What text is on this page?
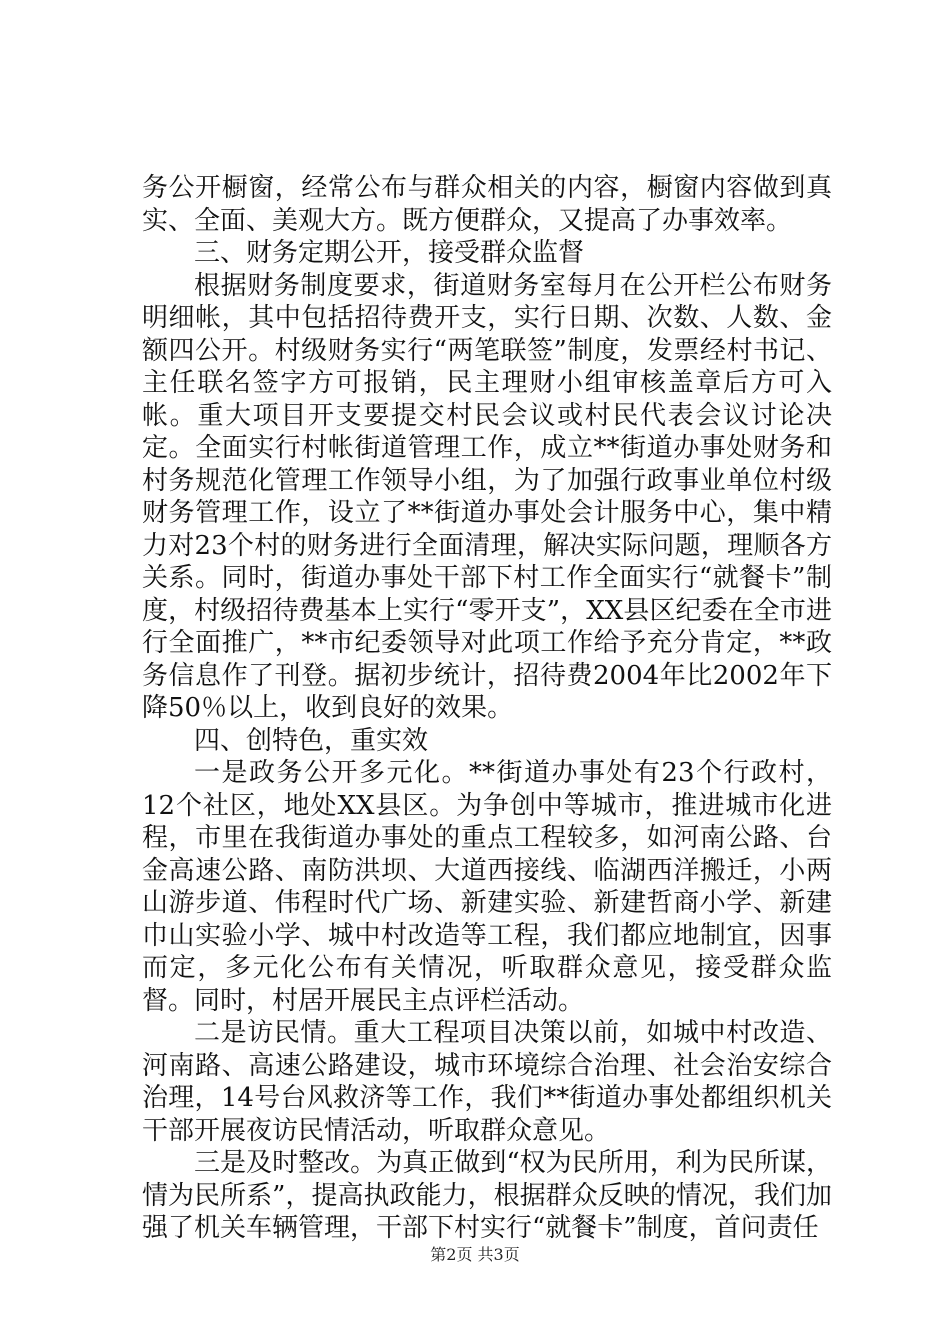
务公开橱窗，经常公布与群众相关的内容，橱窗内容做到真实、全面、美观大方。既方便群众，又提高了办事效率。

三、财务定期公开，接受群众监督

根据财务制度要求，街道财务室每月在公开栏公布财务明细帐，其中包括招待费开支，实行日期、次数、人数、金额四公开。村级财务实行“两笔联签”制度，发票经村书记、主任联名签字方可报销，民主理财小组审核盖章后方可入帐。重大项目开支要提交村民会议或村民代表会议讨论决定。全面实行村帐街道管理工作，成立**街道办事处财务和村务规范化管理工作领导小组，为了加强行政事业单位村级财务管理工作，设立了**街道办事处会计服务中心，集中精力对23个村的财务进行全面清理，解决实际问题，理顺各方关系。同时，街道办事处干部下村工作全面实行“就餐卡”制度，村级招待费基本上实行“零开支”，XX县区纪委在全市进行全面推广，**市纪委领导对此项工作给予充分肯定，**政务信息作了刊登。据初步统计，招待费2004年比2002年下降50％以上，收到良好的效果。

四、创特色，重实效

一是政务公开多元化。**街道办事处有23个行政村，12个社区，地处XX县区。为争创中等城市，推进城市化进程，市里在我街道办事处的重点工程较多，如河南公路、台金高速公路、南防洪坝、大道西接线、临湖西洋搬迁，小两山游步道、伟程时代广场、新建实验、新建哲商小学、新建巾山实验小学、城中村改造等工程，我们都应地制宜，因事而定，多元化公布有关情况，听取群众意见，接受群众监督。同时，村居开展民主点评栏活动。

二是访民情。重大工程项目决策以前，如城中村改造、河南路、高速公路建设，城市环境综合治理、社会治安综合治理，14号台风救济等工作，我们**街道办事处都组织机关干部开展夜访民情活动，听取群众意见。

三是及时整改。为真正做到“权为民所用，利为民所谋，情为民所系”，提高执政能力，根据群众反映的情况，我们加强了机关车辆管理，干部下村实行“就餐卡”制度，首问责任

第2页 共3页
